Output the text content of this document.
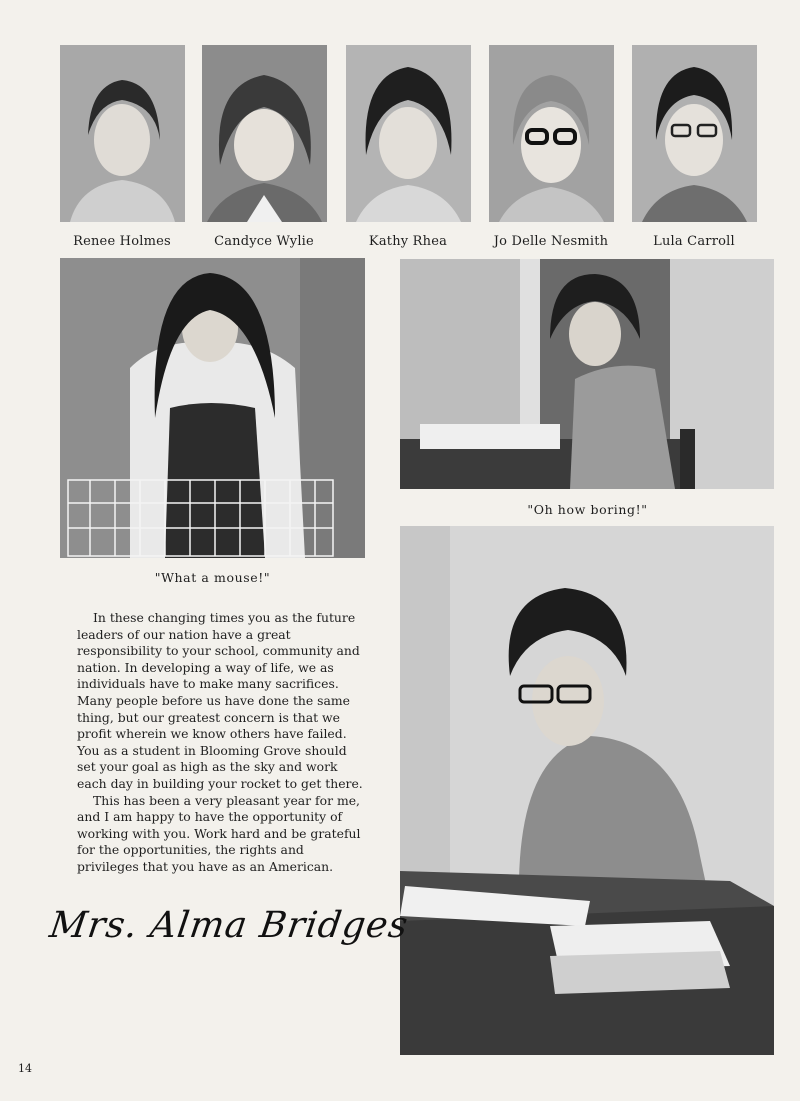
Renee Holmes	Candyce Wylie	Kathy Rhea	Jo Delle Nesmith	Lula Carroll
"What a mouse!"
"Oh how boring!"

In these changing times you as the future leaders of our nation have a great responsibility to your school, community and nation. In developing a way of life, we as individuals have to make many sacrifices. Many people before us have done the same thing, but our greatest concern is that we profit wherein we know others have failed. You as a student in Blooming Grove should set your goal as high as the sky and work each day in building your rocket to get there.

This has been a very pleasant year for me, and I am happy to have the opportunity of working with you. Work hard and be grateful for the opportunities, the rights and privileges that you have as an American.

Mrs. Alma Bridges
14
